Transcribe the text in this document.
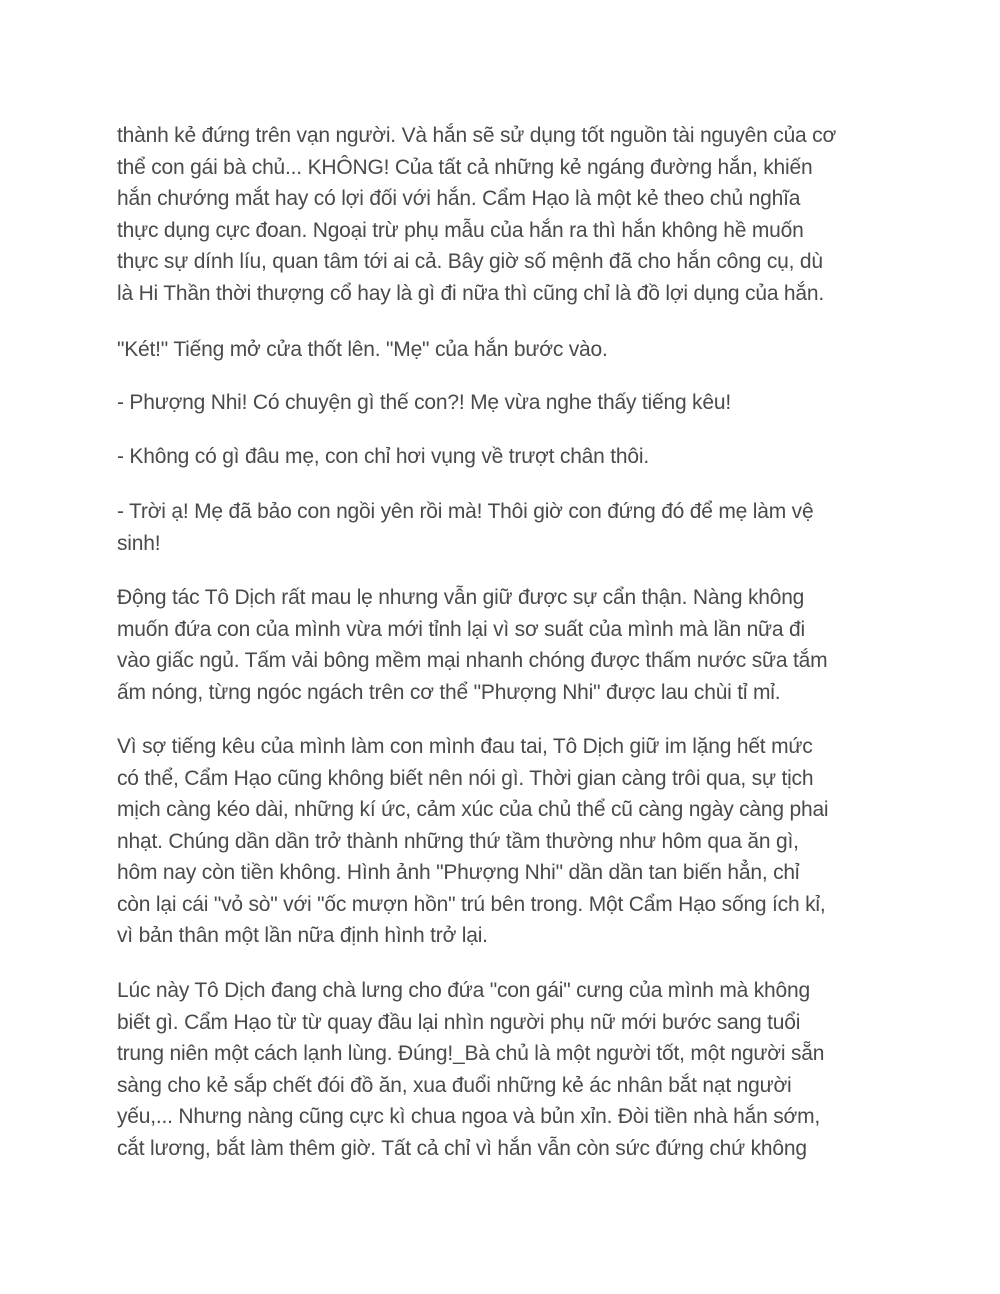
thành kẻ đứng trên vạn người. Và hắn sẽ sử dụng tốt nguồn tài nguyên của cơ
thể con gái bà chủ... KHÔNG! Của tất cả những kẻ ngáng đường hắn, khiến
hắn chướng mắt hay có lợi đối với hắn. Cẩm Hạo là một kẻ theo chủ nghĩa
thực dụng cực đoan. Ngoại trừ phụ mẫu của hắn ra thì hắn không hề muốn
thực sự dính líu, quan tâm tới ai cả. Bây giờ số mệnh đã cho hắn công cụ, dù
là Hi Thần thời thượng cổ hay là gì đi nữa thì cũng chỉ là đồ lợi dụng của hắn.

"Két!" Tiếng mở cửa thốt lên. "Mẹ" của hắn bước vào.

- Phượng Nhi! Có chuyện gì thế con?! Mẹ vừa nghe thấy tiếng kêu!

- Không có gì đâu mẹ, con chỉ hơi vụng về trượt chân thôi.

- Trời ạ! Mẹ đã bảo con ngồi yên rồi mà! Thôi giờ con đứng đó để mẹ làm vệ
sinh!

Động tác Tô Dịch rất mau lẹ nhưng vẫn giữ được sự cẩn thận. Nàng không
muốn đứa con của mình vừa mới tỉnh lại vì sơ suất của mình mà lần nữa đi
vào giấc ngủ. Tấm vải bông mềm mại nhanh chóng được thấm nước sữa tắm
ấm nóng, từng ngóc ngách trên cơ thể "Phượng Nhi" được lau chùi tỉ mỉ.

Vì sợ tiếng kêu của mình làm con mình đau tai, Tô Dịch giữ im lặng hết mức
có thể, Cẩm Hạo cũng không biết nên nói gì. Thời gian càng trôi qua, sự tịch
mịch càng kéo dài, những kí ức, cảm xúc của chủ thể cũ càng ngày càng phai
nhạt. Chúng dần dần trở thành những thứ tầm thường như hôm qua ăn gì,
hôm nay còn tiền không. Hình ảnh "Phượng Nhi" dần dần tan biến hẳn, chỉ
còn lại cái "vỏ sò" với "ốc mượn hồn" trú bên trong. Một Cẩm Hạo sống ích kỉ,
vì bản thân một lần nữa định hình trở lại.

Lúc này Tô Dịch đang chà lưng cho đứa "con gái" cưng của mình mà không
biết gì. Cẩm Hạo từ từ quay đầu lại nhìn người phụ nữ mới bước sang tuổi
trung niên một cách lạnh lùng. Đúng!_Bà chủ là một người tốt, một người sẵn
sàng cho kẻ sắp chết đói đồ ăn, xua đuổi những kẻ ác nhân bắt nạt người
yếu,... Nhưng nàng cũng cực kì chua ngoa và bủn xỉn. Đòi tiền nhà hắn sớm,
cắt lương, bắt làm thêm giờ. Tất cả chỉ vì hắn vẫn còn sức đứng chứ không
